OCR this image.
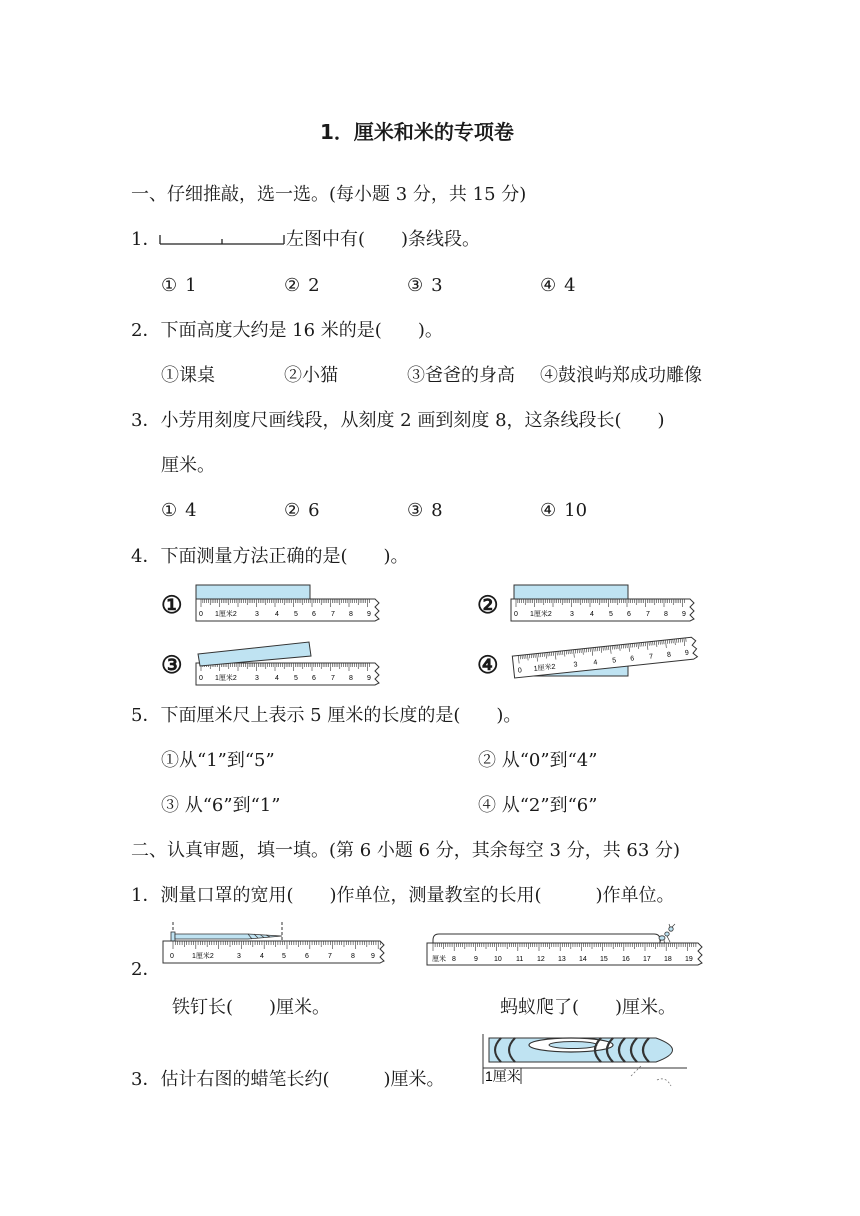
1．厘米和米的专项卷
一、仔细推敲，选一选。(每小题 3 分，共 15 分)
1．	左图中有(　　)条线段。
① 1	② 2	③ 3	④ 4
2．下面高度大约是 16 米的是(　　)。
①课桌	②小猫	③爸爸的身高 ④鼓浪屿郑成功雕像
3．小芳用刻度尺画线段，从刻度 2 画到刻度 8，这条线段长(　　)
厘米。
① 4	② 6	③ 8	④ 10
4．下面测量方法正确的是(　　)。
① 0 1厘米2	3 4 5 6 7 8 9	② 0 1厘米2	3 4 5 6 7 8 9
③ 0 1厘米2	3 4 5 6 7 8 9	④	0 1厘米2 3 4 5 6 7 8 9
5．下面厘米尺上表示 5 厘米的长度的是(　　)。
①从“1”到“5”	② 从“0”到“4”
③ 从“6”到“1”	④ 从“2”到“6”
二、认真审题，填一填。(第 6 小题 6 分，其余每空 3 分，共 63 分)
1．测量口罩的宽用(　　)作单位，测量教室的长用(　　　)作单位。
2．
0	1厘米2	3	4	5	6	7	8 9	厘米 8	9 10 11 12 13 14 15 16 17 18 19
铁钉长(　　)厘米。	蚂蚁爬了(　　)厘米。
3．估计右图的蜡笔长约(　　　)厘米。	1厘米
